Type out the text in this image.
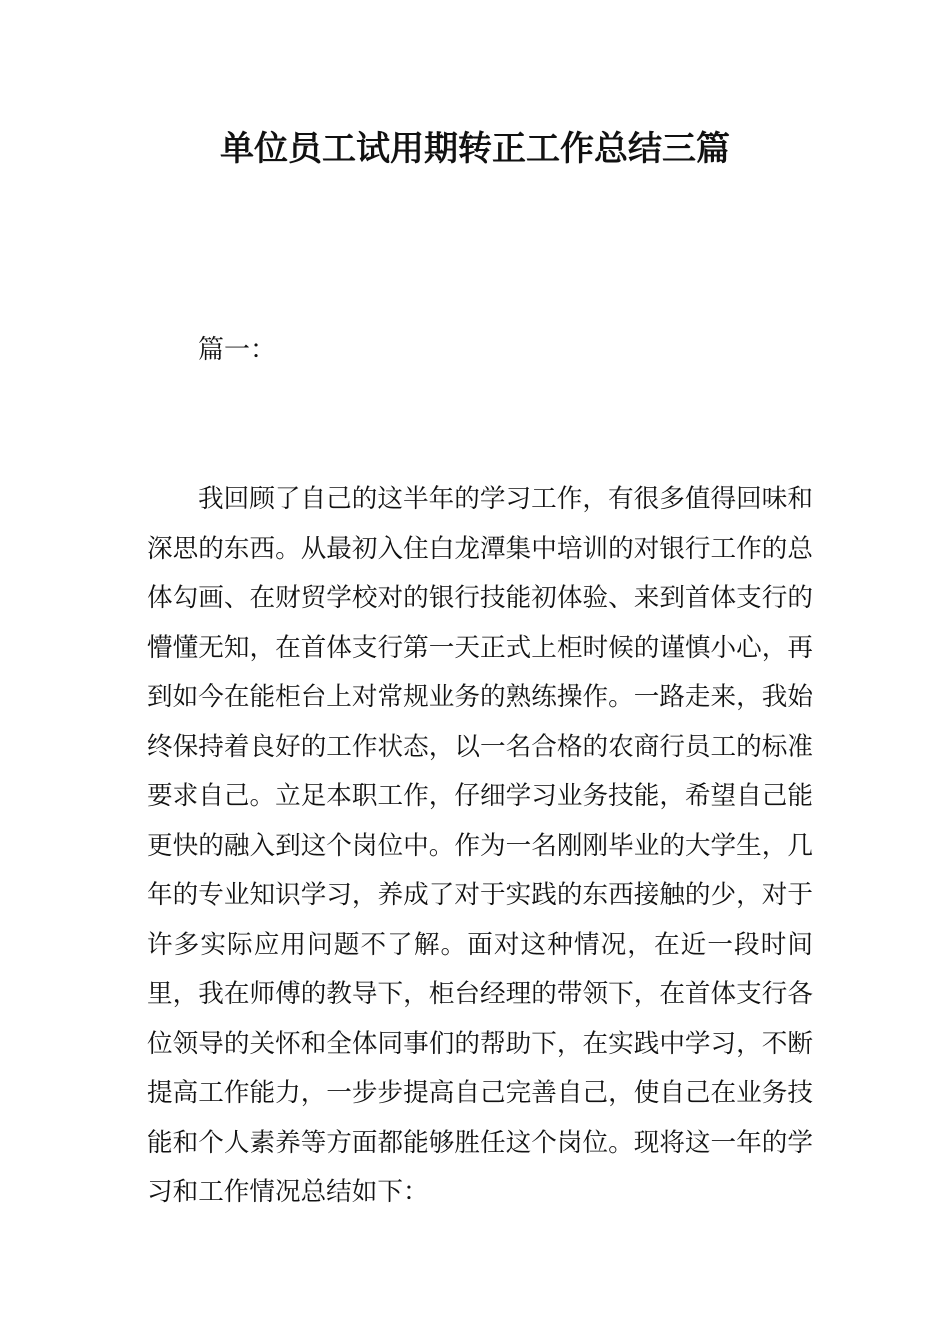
单位员工试用期转正工作总结三篇

篇一：

我回顾了自己的这半年的学习工作，有很多值得回味和深思的东西。从最初入住白龙潭集中培训的对银行工作的总体勾画、在财贸学校对的银行技能初体验、来到首体支行的懵懂无知，在首体支行第一天正式上柜时候的谨慎小心，再到如今在能柜台上对常规业务的熟练操作。一路走来，我始终保持着良好的工作状态，以一名合格的农商行员工的标准要求自己。立足本职工作，仔细学习业务技能，希望自己能更快的融入到这个岗位中。作为一名刚刚毕业的大学生，几年的专业知识学习，养成了对于实践的东西接触的少，对于许多实际应用问题不了解。面对这种情况，在近一段时间里，我在师傅的教导下，柜台经理的带领下，在首体支行各位领导的关怀和全体同事们的帮助下，在实践中学习，不断提高工作能力，一步步提高自己完善自己，使自己在业务技能和个人素养等方面都能够胜任这个岗位。现将这一年的学习和工作情况总结如下：
